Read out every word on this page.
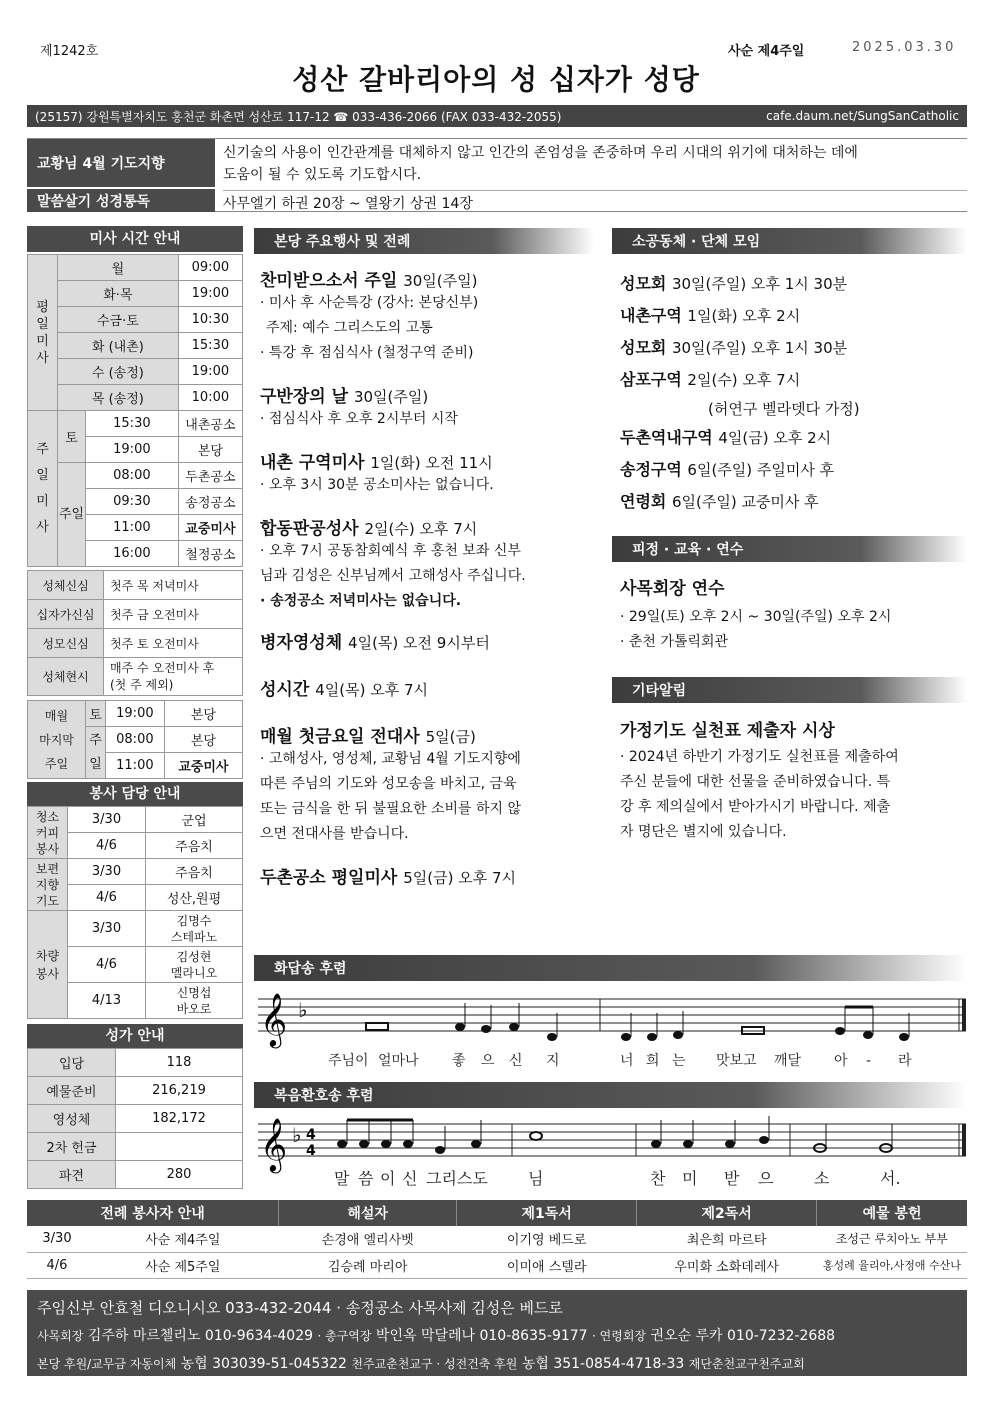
제1242호	사순 제4주일	2025.03.30
성산 갈바리아의 성 십자가 성당
(25157) 강원특별자치도 홍천군 화촌면 성산로 117-12 ☎ 033-436-2066 (FAX 033-432-2055)	cafe.daum.net/SungSanCatholic
교황님 4월 기도지향
신기술의 사용이 인간관계를 대체하지 않고 인간의 존엄성을 존중하며 우리 시대의 위기에 대처하는 데에
도움이 될 수 있도록 기도합시다.
말씀살기 성경통독	사무엘기 하권 20장 ~ 열왕기 상권 14장
미사 시간 안내
평
일
미
사	월		09:00
	화·목		19:00
	수금·토		10:30
	화 (내촌)		15:30
	수 (송정)		19:00
	목 (송정)		10:00
주
일
미
사	토	15:30	내촌공소
		19:00	본당
	주일	08:00	두촌공소
		09:30	송정공소
		11:00	교중미사
		16:00	철정공소
성체신심	첫주 목 저녁미사
십자가신심	첫주 금 오전미사
성모신심	첫주 토 오전미사
성체현시	매주 수 오전미사 후
(첫 주 제외)
매월
마지막
주일	토	19:00	본당
	주일	08:00	본당
		11:00	교중미사
봉사 담당 안내
청소
커피
봉사	3/30	군업
	4/6	주음치
보편
지향
기도	3/30	주음치
	4/6	성산,원평
차량
봉사	3/30	김명수
스테파노
	4/6	김성현
멜라니오
	4/13	신명섭
바오로
성가 안내
입당	118
예물준비	216,219
영성체	182,172
2차 헌금	
파견	280
본당 주요행사 및 전례
찬미받으소서 주일 30일(주일)
· 미사 후 사순특강 (강사: 본당신부)
주제: 예수 그리스도의 고통
· 특강 후 점심식사 (철정구역 준비)
구반장의 날 30일(주일)
· 점심식사 후 오후 2시부터 시작
내촌 구역미사 1일(화) 오전 11시
· 오후 3시 30분 공소미사는 없습니다.
합동판공성사 2일(수) 오후 7시
· 오후 7시 공동참회예식 후 홍천 보좌 신부
님과 김성은 신부님께서 고해성사 주십니다.
· 송정공소 저녁미사는 없습니다.
병자영성체 4일(목) 오전 9시부터
성시간 4일(목) 오후 7시
매월 첫금요일 전대사 5일(금)
· 고해성사, 영성체, 교황님 4월 기도지향에
따른 주님의 기도와 성모송을 바치고, 금육
또는 금식을 한 뒤 불필요한 소비를 하지 않
으면 전대사를 받습니다.
두촌공소 평일미사 5일(금) 오후 7시
소공동체 · 단체 모임
성모회 30일(주일) 오후 1시 30분
내촌구역 1일(화) 오후 2시
성모회 30일(주일) 오후 1시 30분
삼포구역 2일(수) 오후 7시
(허연구 벨라뎃다 가정)
두촌역내구역 4일(금) 오후 2시
송정구역 6일(주일) 주일미사 후
연령회 6일(주일) 교중미사 후
피정 · 교육 · 연수
사목회장 연수
· 29일(토) 오후 2시 ~ 30일(주일) 오후 2시
· 춘천 가톨릭회관
기타알림
가정기도 실천표 제출자 시상
· 2024년 하반기 가정기도 실천표를 제출하여
주신 분들에 대한 선물을 준비하였습니다. 특
강 후 제의실에서 받아가시기 바랍니다. 제출
자 명단은 별지에 있습니다.
화답송 후렴
𝄞 ♭
주님이 얼마나 좋 으 신 지	너 희 는 맛보고 깨달 아 - 라
복음환호송 후렴
𝄞 ♭ 4
4
말 씀 이 신 그리스도	님	찬 미 받 으	소	서.
전례 봉사자 안내		해설자	제1독서	제2독서	예물 봉헌
3/30	사순 제4주일	손경애 엘리사벳	이기영 베드로	최은희 마르타	조성근 루치아노 부부
4/6	사순 제5주일	김승례 마리아	이미애 스텔라	우미화 소화데레사	홍성례 율리아,사정애 수산나
주임신부 안효철 디오니시오 033-432-2044 · 송정공소 사목사제 김성은 베드로
사목회장 김주하 마르첼리노 010-9634-4029 · 총구역장 박인옥 막달레나 010-8635-9177 · 연령회장 권오순 루카 010-7232-2688
본당 후원/교무금 자동이체 농협 303039-51-045322 천주교춘천교구 · 성전건축 후원 농협 351-0854-4718-33 재단춘천교구천주교회
